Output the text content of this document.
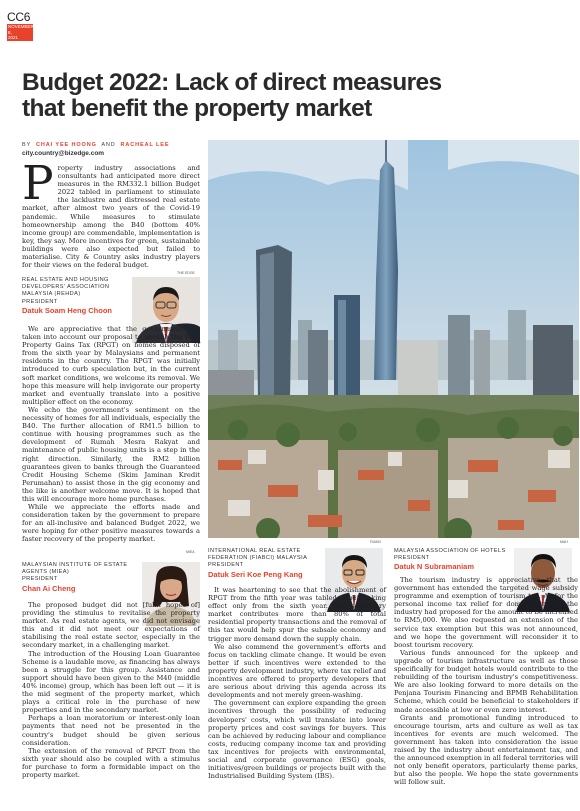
CC6
NOVEMBER 8,
2021
Budget 2022: Lack of direct measures
that benefit the property market
BY CHAI YEE HOONG AND RACHEAL LEE
city.country@bizedge.com
P roperty industry associations and consultants had anticipated more direct measures in the RM332.1 billion Budget 2022 tabled in parliament to stimulate the lacklustre and distressed real estate market, after almost two years of the Covid-19 pandemic. While measures to stimulate homeownership among the B40 (bottom 40% income group) are commendable, implementation is key, they say. More incentives for green, sustainable buildings were also expected but failed to materialise. City & Country asks industry players for their views on the federal budget.
REAL ESTATE AND HOUSING
DEVELOPERS' ASSOCIATION
MALAYSIA (REHDA)
PRESIDENT
Datuk Soam Heng Choon
THE EDGE

We are appreciative that the government has taken into account our proposal to abolish the Real Property Gains Tax (RPGT) on homes disposed of from the sixth year by Malaysians and permanent residents in the country. The RPGT was initially introduced to curb speculation but, in the current soft market conditions, we welcome its removal. We hope this measure will help invigorate our property market and eventually translate into a positive multiplier effect on the economy.

We echo the government's sentiment on the necessity of homes for all individuals, especially the B40. The further allocation of RM1.5 billion to continue with housing programmes such as the development of Rumah Mesra Rakyat and maintenance of public housing units is a step in the right direction. Similarly, the RM2 billion guarantees given to banks through the Guaranteed Credit Housing Scheme (Skim Jaminan Kredit Perumahan) to assist those in the gig economy and the like is another welcome move. It is hoped that this will encourage more home purchases.

While we appreciate the efforts made and consideration taken by the government to prepare for an all-inclusive and balanced Budget 2022, we were hoping for other positive measures towards a faster recovery of the property market.

MIEA
MALAYSIAN INSTITUTE OF ESTATE
AGENTS (MIEA)
PRESIDENT
Chan Ai Cheng

The proposed budget did not [fulfil hopes of] providing the stimulus to revitalise the property market. As real estate agents, we did not envisage this and it did not meet our expectations of stabilising the real estate sector, especially in the secondary market, in a challenging market.

The introduction of the Housing Loan Guarantee Scheme is a laudable move, as financing has always been a struggle for this group. Assistance and support should have been given to the M40 (middle 40% income) group, which has been left out — it is the mid segment of the property market, which plays a critical role in the purchase of new properties and in the secondary market.

Perhaps a loan moratorium or interest-only loan payments that need not be presented in the country's budget should be given serious consideration.

The extension of the removal of RPGT from the sixth year should also be coupled with a stimulus for purchase to form a formidable impact on the property market.

INTERNATIONAL REAL ESTATE
FEDERATION (FIABCI) MALAYSIA
PRESIDENT
Datuk Seri Koe Peng Kang
FIABCI

It was heartening to see that the abolishment of RPGT from the fifth year was tabled, albeit taking effect only from the sixth year. The secondary market contributes more than 80% of total residential property transactions and the removal of this tax would help spur the subsale economy and trigger more demand down the supply chain.

We also commend the government's efforts and focus on tackling climate change. It would be even better if such incentives were extended to the property development industry, where tax relief and incentives are offered to property developers that are serious about driving this agenda across its developments and not merely green-washing.

The government can explore expanding the green incentives through the possibility of reducing developers' costs, which will translate into lower property prices and cost savings for buyers. This can be achieved by reducing labour and compliance costs, reducing company income tax and providing tax incentives for projects with environmental, social and corporate governance (ESG) goals, initiatives/green buildings or projects built with the Industrialised Building System (IBS).

MALAYSIA ASSOCIATION OF HOTELS
PRESIDENT
Datuk N Subramaniam
MAH

The tourism industry is appreciative that the government has extended the targeted wage subsidy programme and exemption of tourism tax. As for the personal income tax relief for domestic travel, the industry had proposed for the amount to be increased to RM5,000. We also requested an extension of the service tax exemption but this was not announced, and we hope the government will reconsider it to boost tourism recovery.

Various funds announced for the upkeep and upgrade of tourism infrastructure as well as those specifically for budget hotels would contribute to the rebuilding of the tourism industry's competitiveness. We are also looking forward to more details on the Penjana Tourism Financing and BPMB Rehabilitation Scheme, which could be beneficial to stakeholders if made accessible at low or even zero interest.

Grants and promotional funding introduced to encourage tourism, arts and culture as well as tax incentives for events are much welcomed. The government has taken into consideration the issue raised by the industry about entertainment tax, and the announced exemption in all federal territories will not only benefit operators, particularly theme parks, but also the people. We hope the state governments will follow suit.
